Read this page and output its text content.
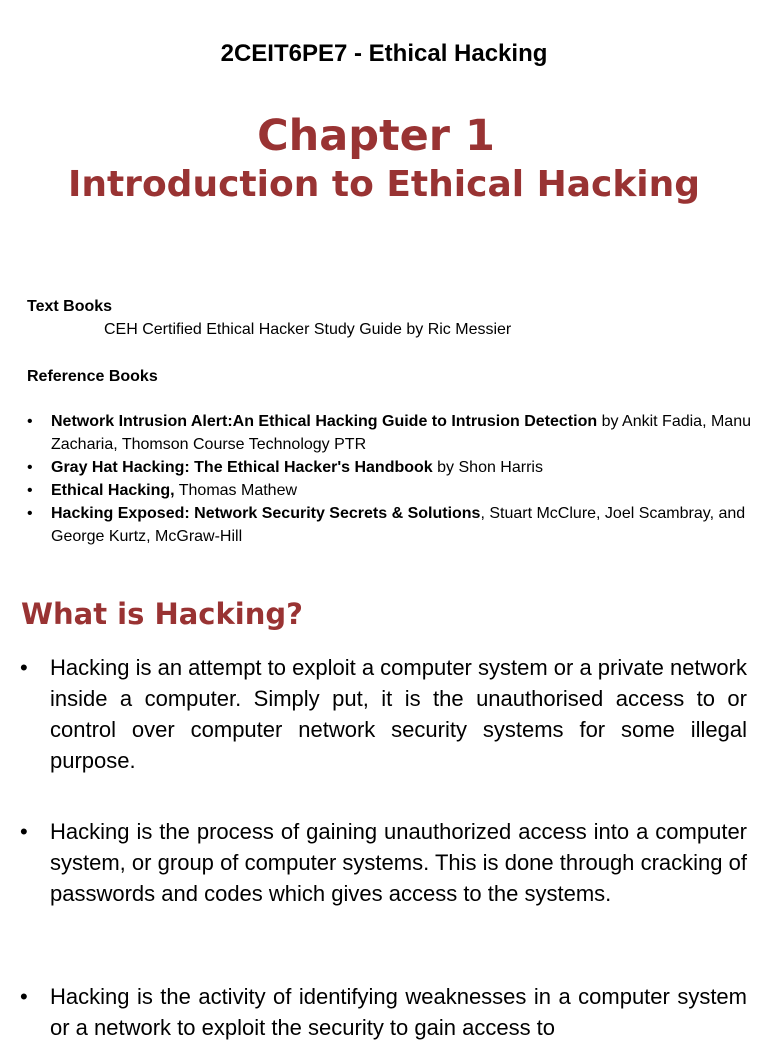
2CEIT6PE7 - Ethical Hacking
Chapter 1
Introduction to Ethical Hacking
Text Books
CEH Certified Ethical Hacker Study Guide by Ric Messier
Reference Books
• Network Intrusion Alert:An Ethical Hacking Guide to Intrusion Detection by Ankit Fadia, Manu Zacharia, Thomson Course Technology PTR
• Gray Hat Hacking: The Ethical Hacker's Handbook by Shon Harris
• Ethical Hacking, Thomas Mathew
• Hacking Exposed: Network Security Secrets & Solutions, Stuart McClure, Joel Scambray, and George Kurtz, McGraw-Hill
What is Hacking?
• Hacking is an attempt to exploit a computer system or a private network inside a computer. Simply put, it is the unauthorised access to or control over computer network security systems for some illegal purpose.
• Hacking is the process of gaining unauthorized access into a computer system, or group of computer systems. This is done through cracking of passwords and codes which gives access to the systems.
• Hacking is the activity of identifying weaknesses in a computer system or a network to exploit the security to gain access to
